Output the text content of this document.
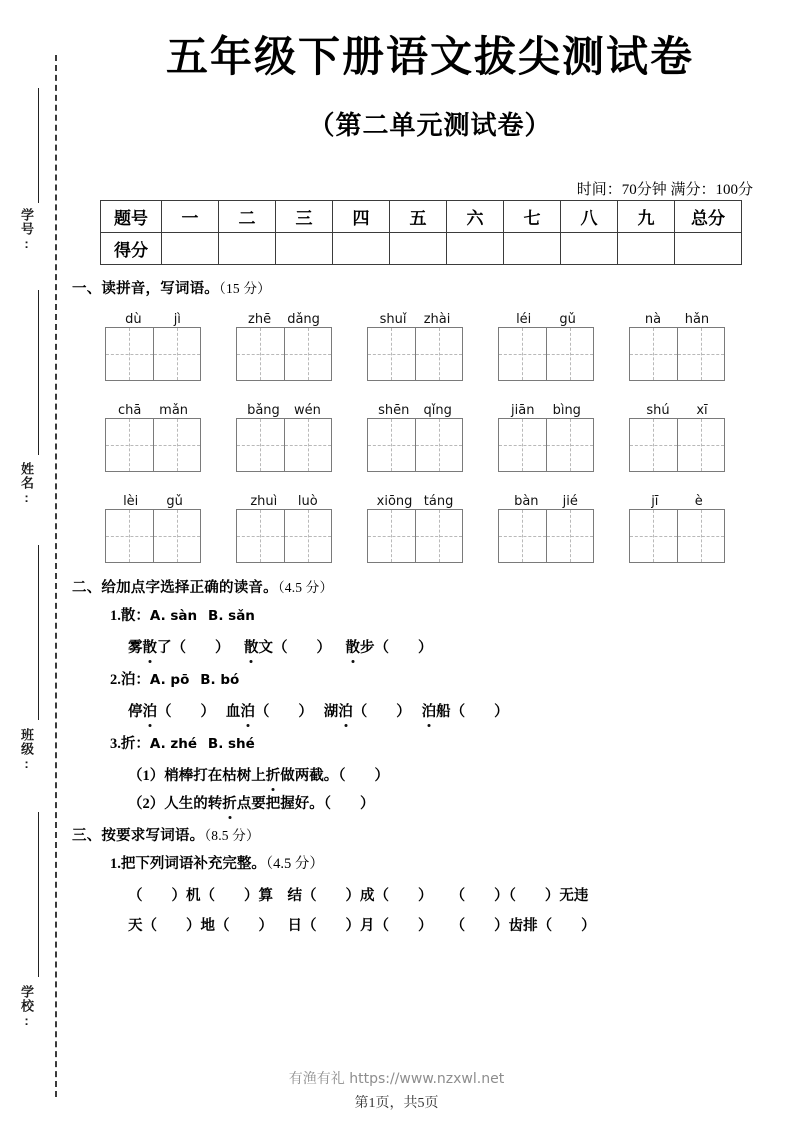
学号:
姓名:
班级:
学校:
五年级下册语文拔尖测试卷
（第二单元测试卷）
时间：70分钟 满分：100分
题号	一	二	三	四	五	六	七	八	九	总分
得分										
一、读拼音，写词语。（15 分）
dù jì	zhē dǎng	shuǐ zhài	léi gǔ	nà hǎn
chā mǎn	bǎng wén	shēn qǐng	jiān bìng	shú xī
lèi gǔ	zhuì luò	xiōng táng	bàn jié	jī	è
二、给加点字选择正确的读音。（4.5 分）
1.散：A. sàn B. sǎn
雾散了（　　） 散文（　　） 散步（　　）
2.泊：A. pō B. bó
停泊（　　） 血泊（　　） 湖泊（　　） 泊船（　　）
3.折：A. zhé B. shé
（1）梢棒打在枯树上折做两截。（　　）
（2）人生的转折点要把握好。（　　）
三、按要求写词语。（8.5 分）
1.把下列词语补充完整。（4.5 分）
（　　）机（　　）算 结（　　）成（　　） （　　）（　　）无违
天（　　）地（　　） 日（　　）月（　　） （　　）齿排（　　）
有渔有礼 https://www.nzxwl.net
第1页，共5页
